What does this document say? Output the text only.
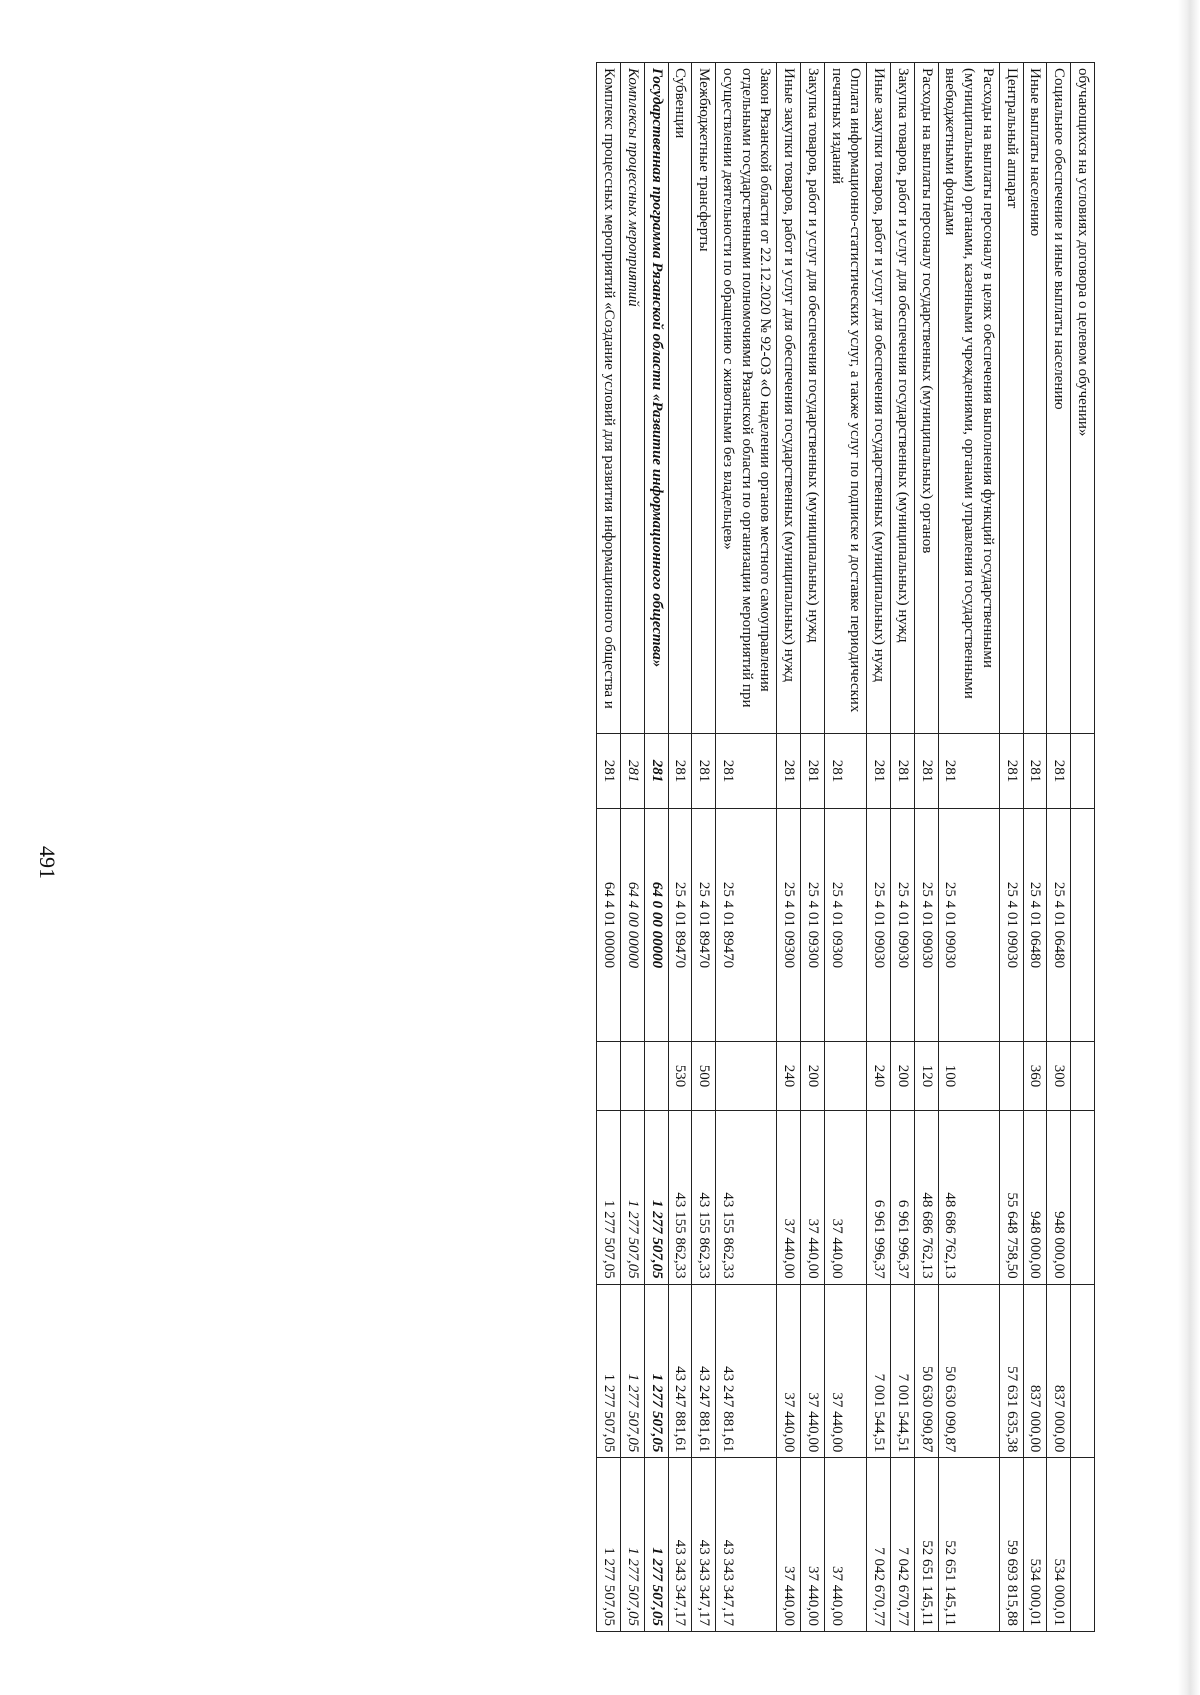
491
обучающихся на условиях договора о целевом обучении»						
Социальное обеспечение и иные выплаты населению	281	25 4 01 06480	300	948 000,00	837 000,00	534 000,01
Иные выплаты населению	281	25 4 01 06480	360	948 000,00	837 000,00	534 000,01
Центральный аппарат	281	25 4 01 09030		55 648 758,50	57 631 635,38	59 693 815,88
Расходы на выплаты персоналу в целях обеспечения выполнения функций государственными (муниципальными) органами, казенными учреждениями, органами управления государственными внебюджетными фондами	281	25 4 01 09030	100	48 686 762,13	50 630 090,87	52 651 145,11
Расходы на выплаты персоналу государственных (муниципальных) органов	281	25 4 01 09030	120	48 686 762,13	50 630 090,87	52 651 145,11
Закупка товаров, работ и услуг для обеспечения государственных (муниципальных) нужд	281	25 4 01 09030	200	6 961 996,37	7 001 544,51	7 042 670,77
Иные закупки товаров, работ и услуг для обеспечения государственных (муниципальных) нужд	281	25 4 01 09030	240	6 961 996,37	7 001 544,51	7 042 670,77
Оплата информационно-статистических услуг, а также услуг по подписке и доставке периодических печатных изданий	281	25 4 01 09300		37 440,00	37 440,00	37 440,00
Закупка товаров, работ и услуг для обеспечения государственных (муниципальных) нужд	281	25 4 01 09300	200	37 440,00	37 440,00	37 440,00
Иные закупки товаров, работ и услуг для обеспечения государственных (муниципальных) нужд	281	25 4 01 09300	240	37 440,00	37 440,00	37 440,00
Закон Рязанской области от 22.12.2020 № 92-ОЗ «О наделении органов местного самоуправления отдельными государственными полномочиями Рязанской области по организации мероприятий при осуществлении деятельности по обращению с животными без владельцев»	281	25 4 01 89470		43 155 862,33	43 247 881,61	43 343 347,17
Межбюджетные трансферты	281	25 4 01 89470	500	43 155 862,33	43 247 881,61	43 343 347,17
Субвенции	281	25 4 01 89470	530	43 155 862,33	43 247 881,61	43 343 347,17
Государственная программа Рязанской области «Развитие информационного общества»	281	64 0 00 00000		1 277 507,05	1 277 507,05	1 277 507,05
Комплексы процессных мероприятий	281	64 4 00 00000		1 277 507,05	1 277 507,05	1 277 507,05
Комплекс процессных мероприятий «Создание условий для развития информационного общества и	281	64 4 01 00000		1 277 507,05	1 277 507,05	1 277 507,05
